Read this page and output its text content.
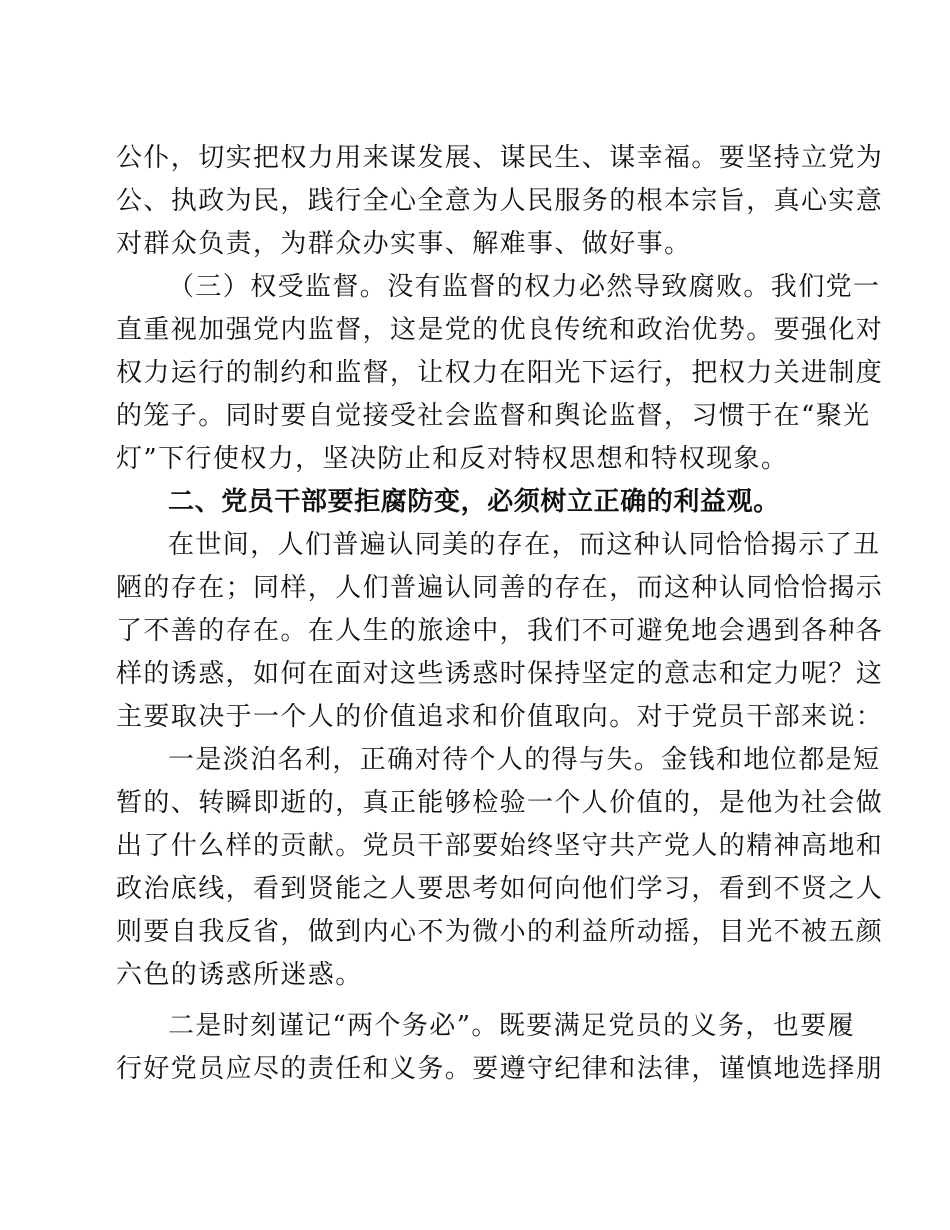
公仆，切实把权力用来谋发展、谋民生、谋幸福。要坚持立党为
公、执政为民，践行全心全意为人民服务的根本宗旨，真心实意
对群众负责，为群众办实事、解难事、做好事。
（三）权受监督。没有监督的权力必然导致腐败。我们党一
直重视加强党内监督，这是党的优良传统和政治优势。要强化对
权力运行的制约和监督，让权力在阳光下运行，把权力关进制度
的笼子。同时要自觉接受社会监督和舆论监督，习惯于在“聚光
灯”下行使权力，坚决防止和反对特权思想和特权现象。
二、党员干部要拒腐防变，必须树立正确的利益观。
在世间，人们普遍认同美的存在，而这种认同恰恰揭示了丑
陋的存在；同样，人们普遍认同善的存在，而这种认同恰恰揭示
了不善的存在。在人生的旅途中，我们不可避免地会遇到各种各
样的诱惑，如何在面对这些诱惑时保持坚定的意志和定力呢？这
主要取决于一个人的价值追求和价值取向。对于党员干部来说：
一是淡泊名利，正确对待个人的得与失。金钱和地位都是短
暂的、转瞬即逝的，真正能够检验一个人价值的，是他为社会做
出了什么样的贡献。党员干部要始终坚守共产党人的精神高地和
政治底线，看到贤能之人要思考如何向他们学习，看到不贤之人
则要自我反省，做到内心不为微小的利益所动摇，目光不被五颜
六色的诱惑所迷惑。
二是时刻谨记“两个务必”。既要满足党员的义务，也要履
行好党员应尽的责任和义务。要遵守纪律和法律，谨慎地选择朋
